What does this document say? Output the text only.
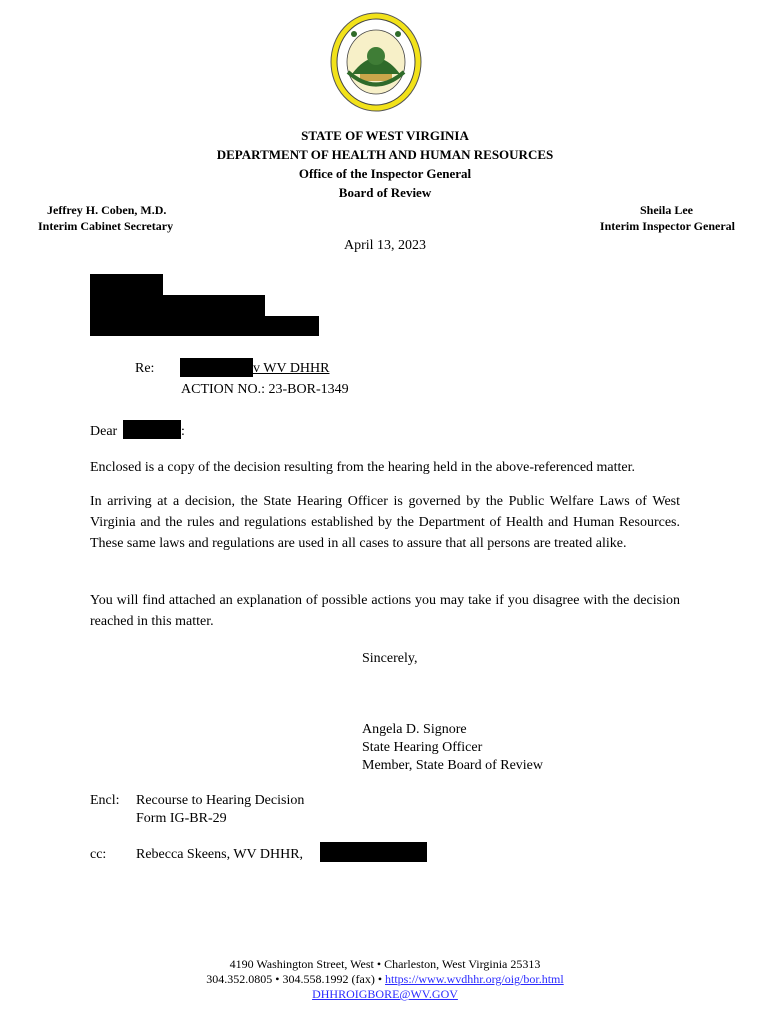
STATE OF WEST VIRGINIA
DEPARTMENT OF HEALTH AND HUMAN RESOURCES
Office of the Inspector General
Board of Review
Jeffrey H. Coben, M.D.
Interim Cabinet Secretary
Sheila Lee
Interim Inspector General
April 13, 2023
Re:	v WV DHHR
ACTION NO.: 23-BOR-1349
Dear	:
Enclosed is a copy of the decision resulting from the hearing held in the above-referenced matter.
In arriving at a decision, the State Hearing Officer is governed by the Public Welfare Laws of West Virginia and the rules and regulations established by the Department of Health and Human Resources. These same laws and regulations are used in all cases to assure that all persons are treated alike.
You will find attached an explanation of possible actions you may take if you disagree with the decision reached in this matter.
Sincerely,
Angela D. Signore
State Hearing Officer
Member, State Board of Review
Encl: Recourse to Hearing Decision
Form IG-BR-29
cc: Rebecca Skeens, WV DHHR,
4190 Washington Street, West • Charleston, West Virginia 25313
304.352.0805 • 304.558.1992 (fax) • https://www.wvdhhr.org/oig/bor.html
DHHROIGBORE@WV.GOV
